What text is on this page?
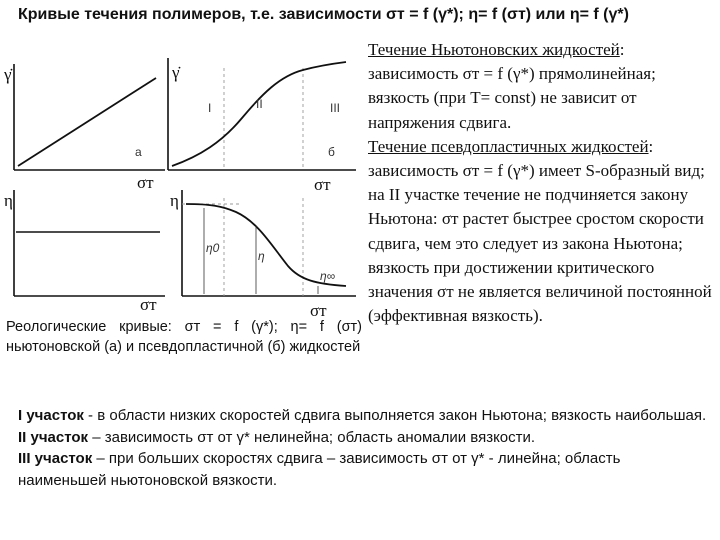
Кривые течения полимеров, т.е. зависимости σт = f (γ*); η= f (σт) или η= f (γ*)
γ̇
а
σт
γ̇
I	II	III
б
σт
η
σт
η
η0
η
η∞
σт

Течение Ньютоновских жидкостей:

зависимость σт = f (γ*) прямолинейная; вязкость (при T= const) не зависит от напряжения сдвига.

Течение псевдопластичных жидкостей:

зависимость σт = f (γ*) имеет S-образный вид; на II участке течение не подчиняется закону Ньютона: σт растет быстрее сростом скорости сдвига, чем это следует из закона Ньютона;

вязкость при достижении критического значения σт не является величиной постоянной (эффективная вязкость).

Реологические кривые: σт = f (γ*); η= f (σт) ньютоновской (а) и псевдопластичной (б) жидкостей

I участок - в области низких скоростей сдвига выполняется закон Ньютона; вязкость наибольшая.

II участок – зависимость σт от γ* нелинейна; область аномалии вязкости.

III участок – при больших скоростях сдвига – зависимость σт от γ* - линейна; область наименьшей ньютоновской вязкости.
